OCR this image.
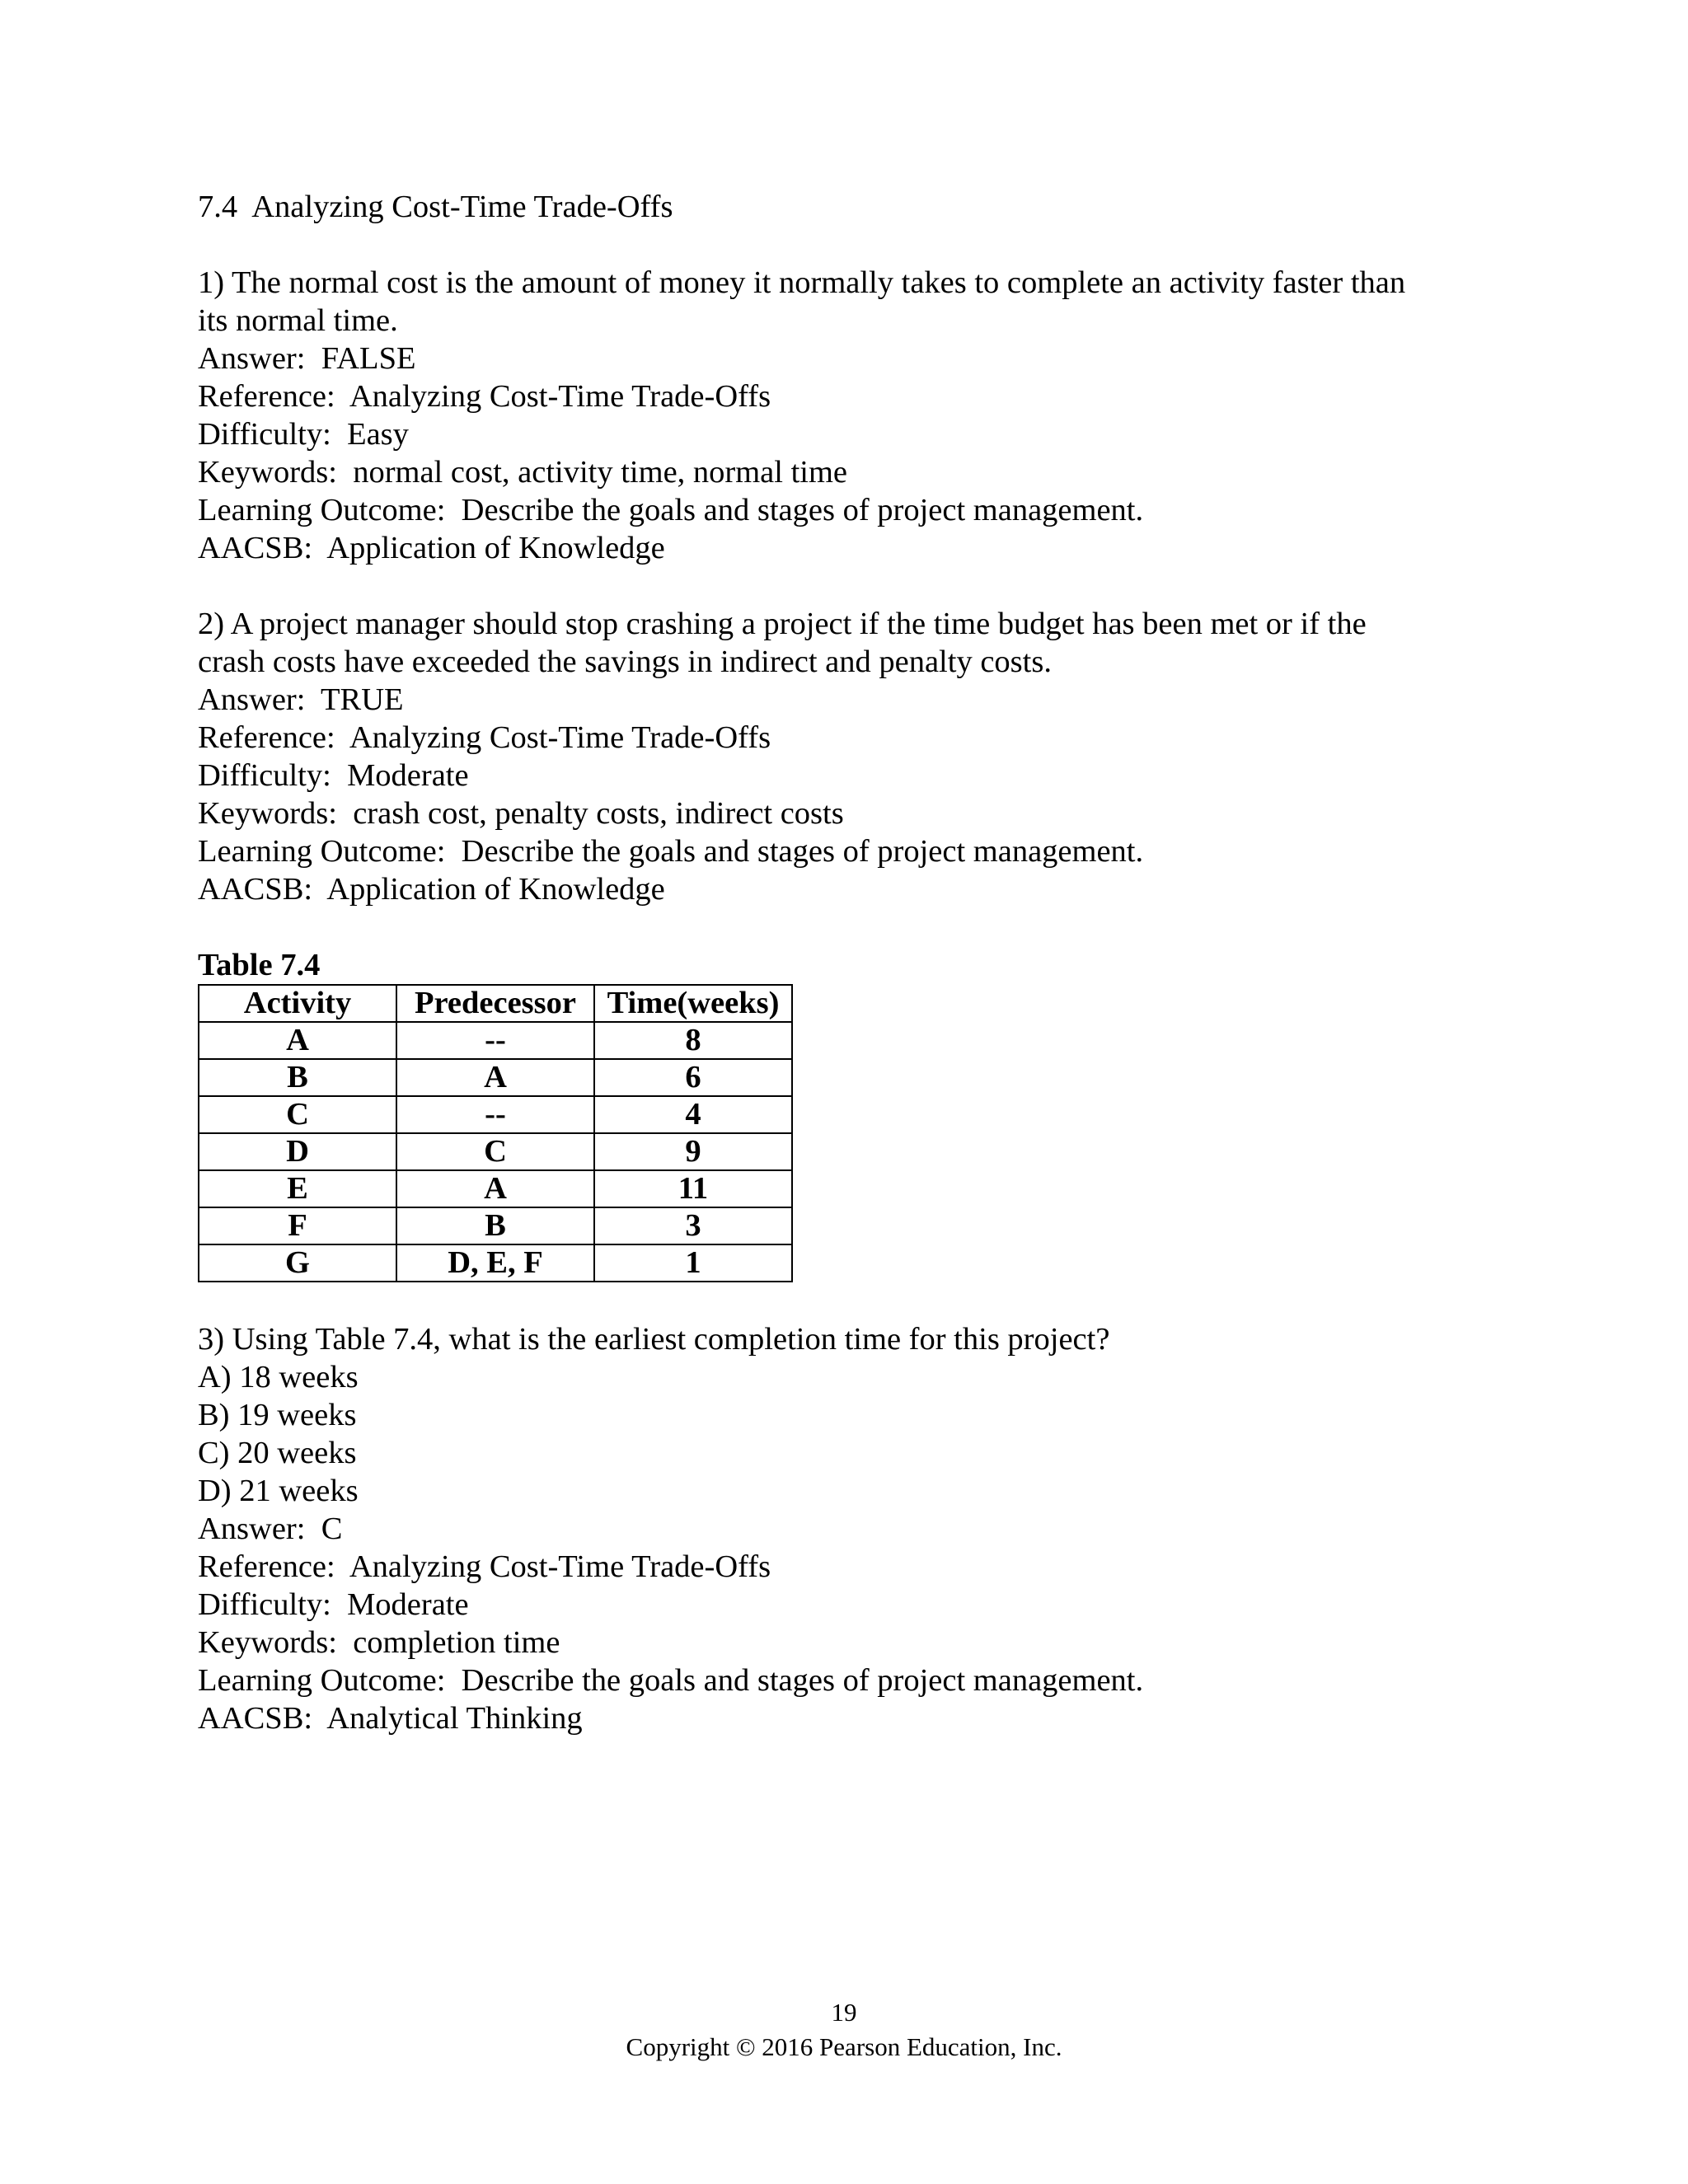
7.4  Analyzing Cost-Time Trade-Offs
1) The normal cost is the amount of money it normally takes to complete an activity faster than
its normal time.
Answer:  FALSE
Reference:  Analyzing Cost-Time Trade-Offs
Difficulty:  Easy
Keywords:  normal cost, activity time, normal time
Learning Outcome:  Describe the goals and stages of project management.
AACSB:  Application of Knowledge
2) A project manager should stop crashing a project if the time budget has been met or if the
crash costs have exceeded the savings in indirect and penalty costs.
Answer:  TRUE
Reference:  Analyzing Cost-Time Trade-Offs
Difficulty:  Moderate
Keywords:  crash cost, penalty costs, indirect costs
Learning Outcome:  Describe the goals and stages of project management.
AACSB:  Application of Knowledge
Table 7.4
Activity	Predecessor	Time(weeks)
A	--	8
B	A	6
C	--	4
D	C	9
E	A	11
F	B	3
G	D, E, F	1
3) Using Table 7.4, what is the earliest completion time for this project?
A) 18 weeks
B) 19 weeks
C) 20 weeks
D) 21 weeks
Answer:  C
Reference:  Analyzing Cost-Time Trade-Offs
Difficulty:  Moderate
Keywords:  completion time
Learning Outcome:  Describe the goals and stages of project management.
AACSB:  Analytical Thinking
19
Copyright © 2016 Pearson Education, Inc.
